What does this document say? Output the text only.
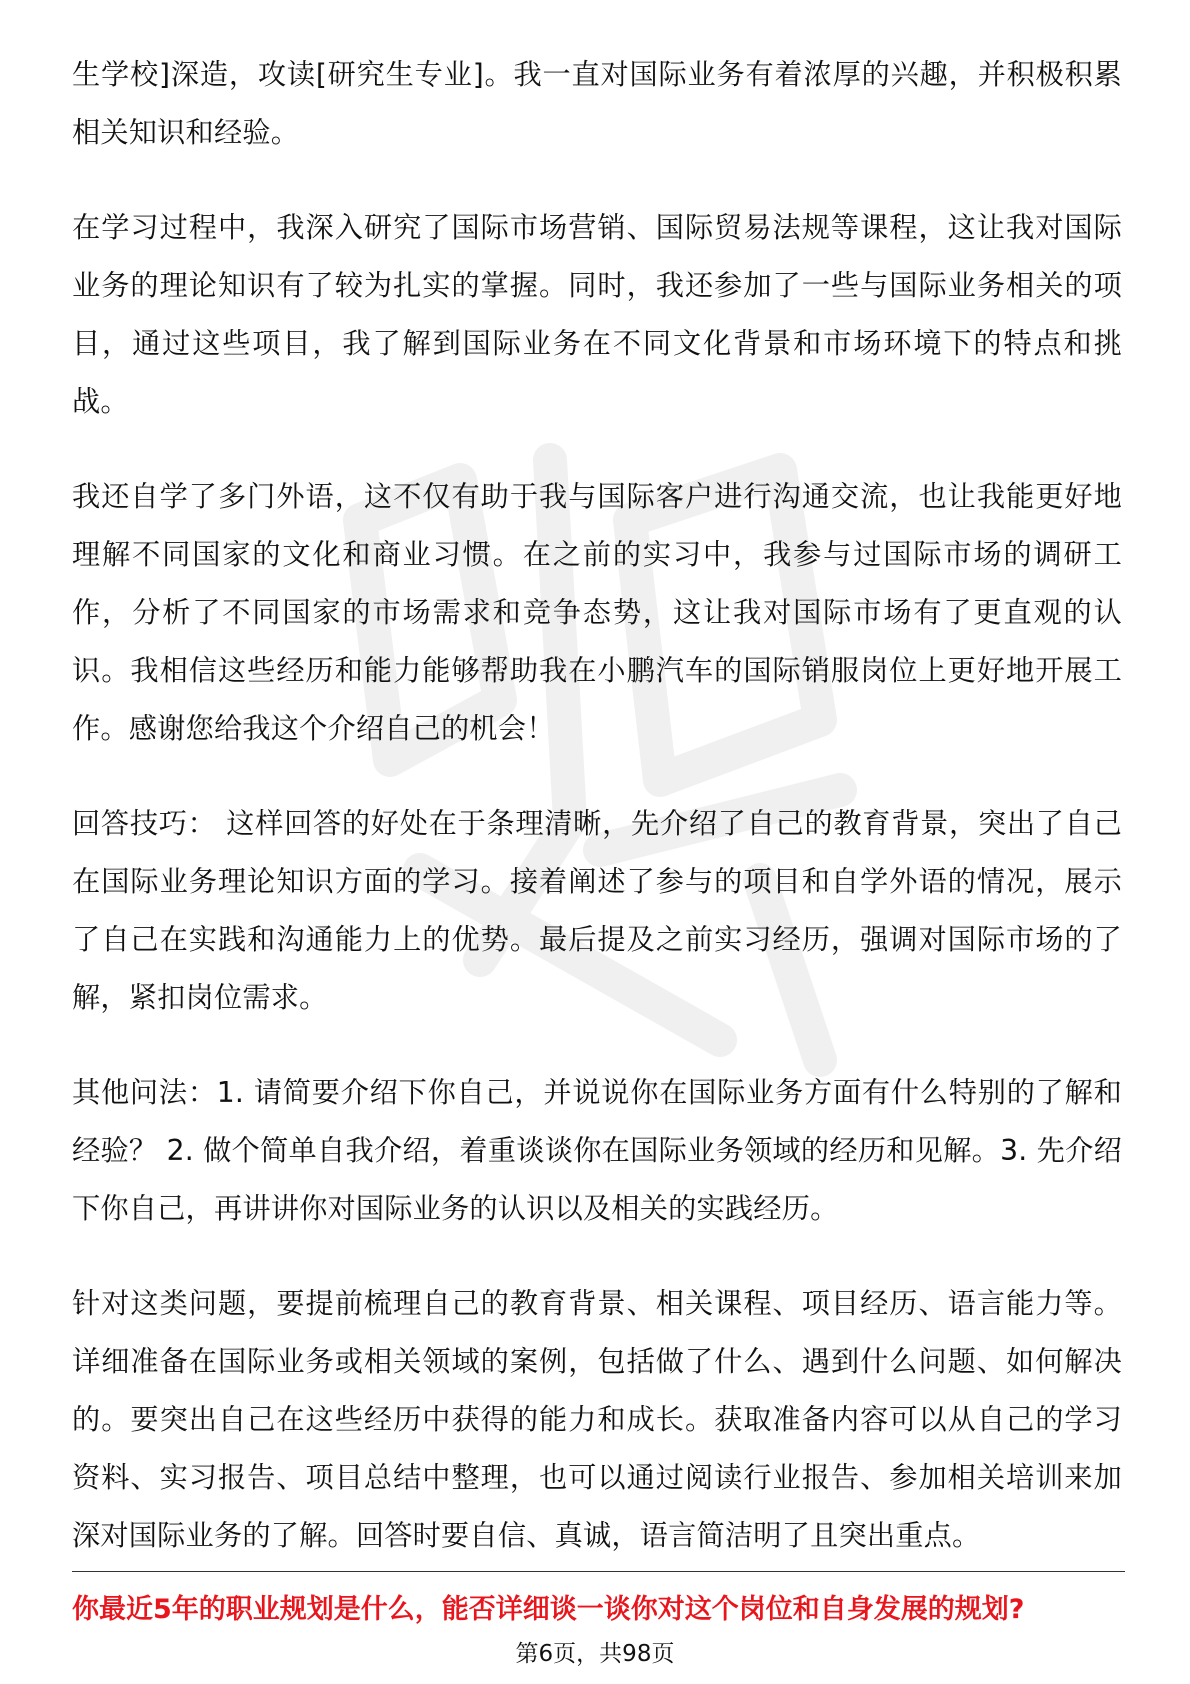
生学校]深造，攻读[研究生专业]。我一直对国际业务有着浓厚的兴趣，并积极积累相关知识和经验。

在学习过程中，我深入研究了国际市场营销、国际贸易法规等课程，这让我对国际业务的理论知识有了较为扎实的掌握。同时，我还参加了一些与国际业务相关的项目，通过这些项目，我了解到国际业务在不同文化背景和市场环境下的特点和挑战。

我还自学了多门外语，这不仅有助于我与国际客户进行沟通交流，也让我能更好地理解不同国家的文化和商业习惯。在之前的实习中，我参与过国际市场的调研工作，分析了不同国家的市场需求和竞争态势，这让我对国际市场有了更直观的认识。我相信这些经历和能力能够帮助我在小鹏汽车的国际销服岗位上更好地开展工作。感谢您给我这个介绍自己的机会！

回答技巧： 这样回答的好处在于条理清晰，先介绍了自己的教育背景，突出了自己在国际业务理论知识方面的学习。接着阐述了参与的项目和自学外语的情况，展示了自己在实践和沟通能力上的优势。最后提及之前实习经历，强调对国际市场的了解，紧扣岗位需求。

其他问法：1. 请简要介绍下你自己，并说说你在国际业务方面有什么特别的了解和经验？ 2. 做个简单自我介绍，着重谈谈你在国际业务领域的经历和见解。3. 先介绍下你自己，再讲讲你对国际业务的认识以及相关的实践经历。

针对这类问题，要提前梳理自己的教育背景、相关课程、项目经历、语言能力等。详细准备在国际业务或相关领域的案例，包括做了什么、遇到什么问题、如何解决的。要突出自己在这些经历中获得的能力和成长。获取准备内容可以从自己的学习资料、实习报告、项目总结中整理，也可以通过阅读行业报告、参加相关培训来加深对国际业务的了解。回答时要自信、真诚，语言简洁明了且突出重点。

你最近5年的职业规划是什么，能否详细谈一谈你对这个岗位和自身发展的规划?
第6页，共98页
